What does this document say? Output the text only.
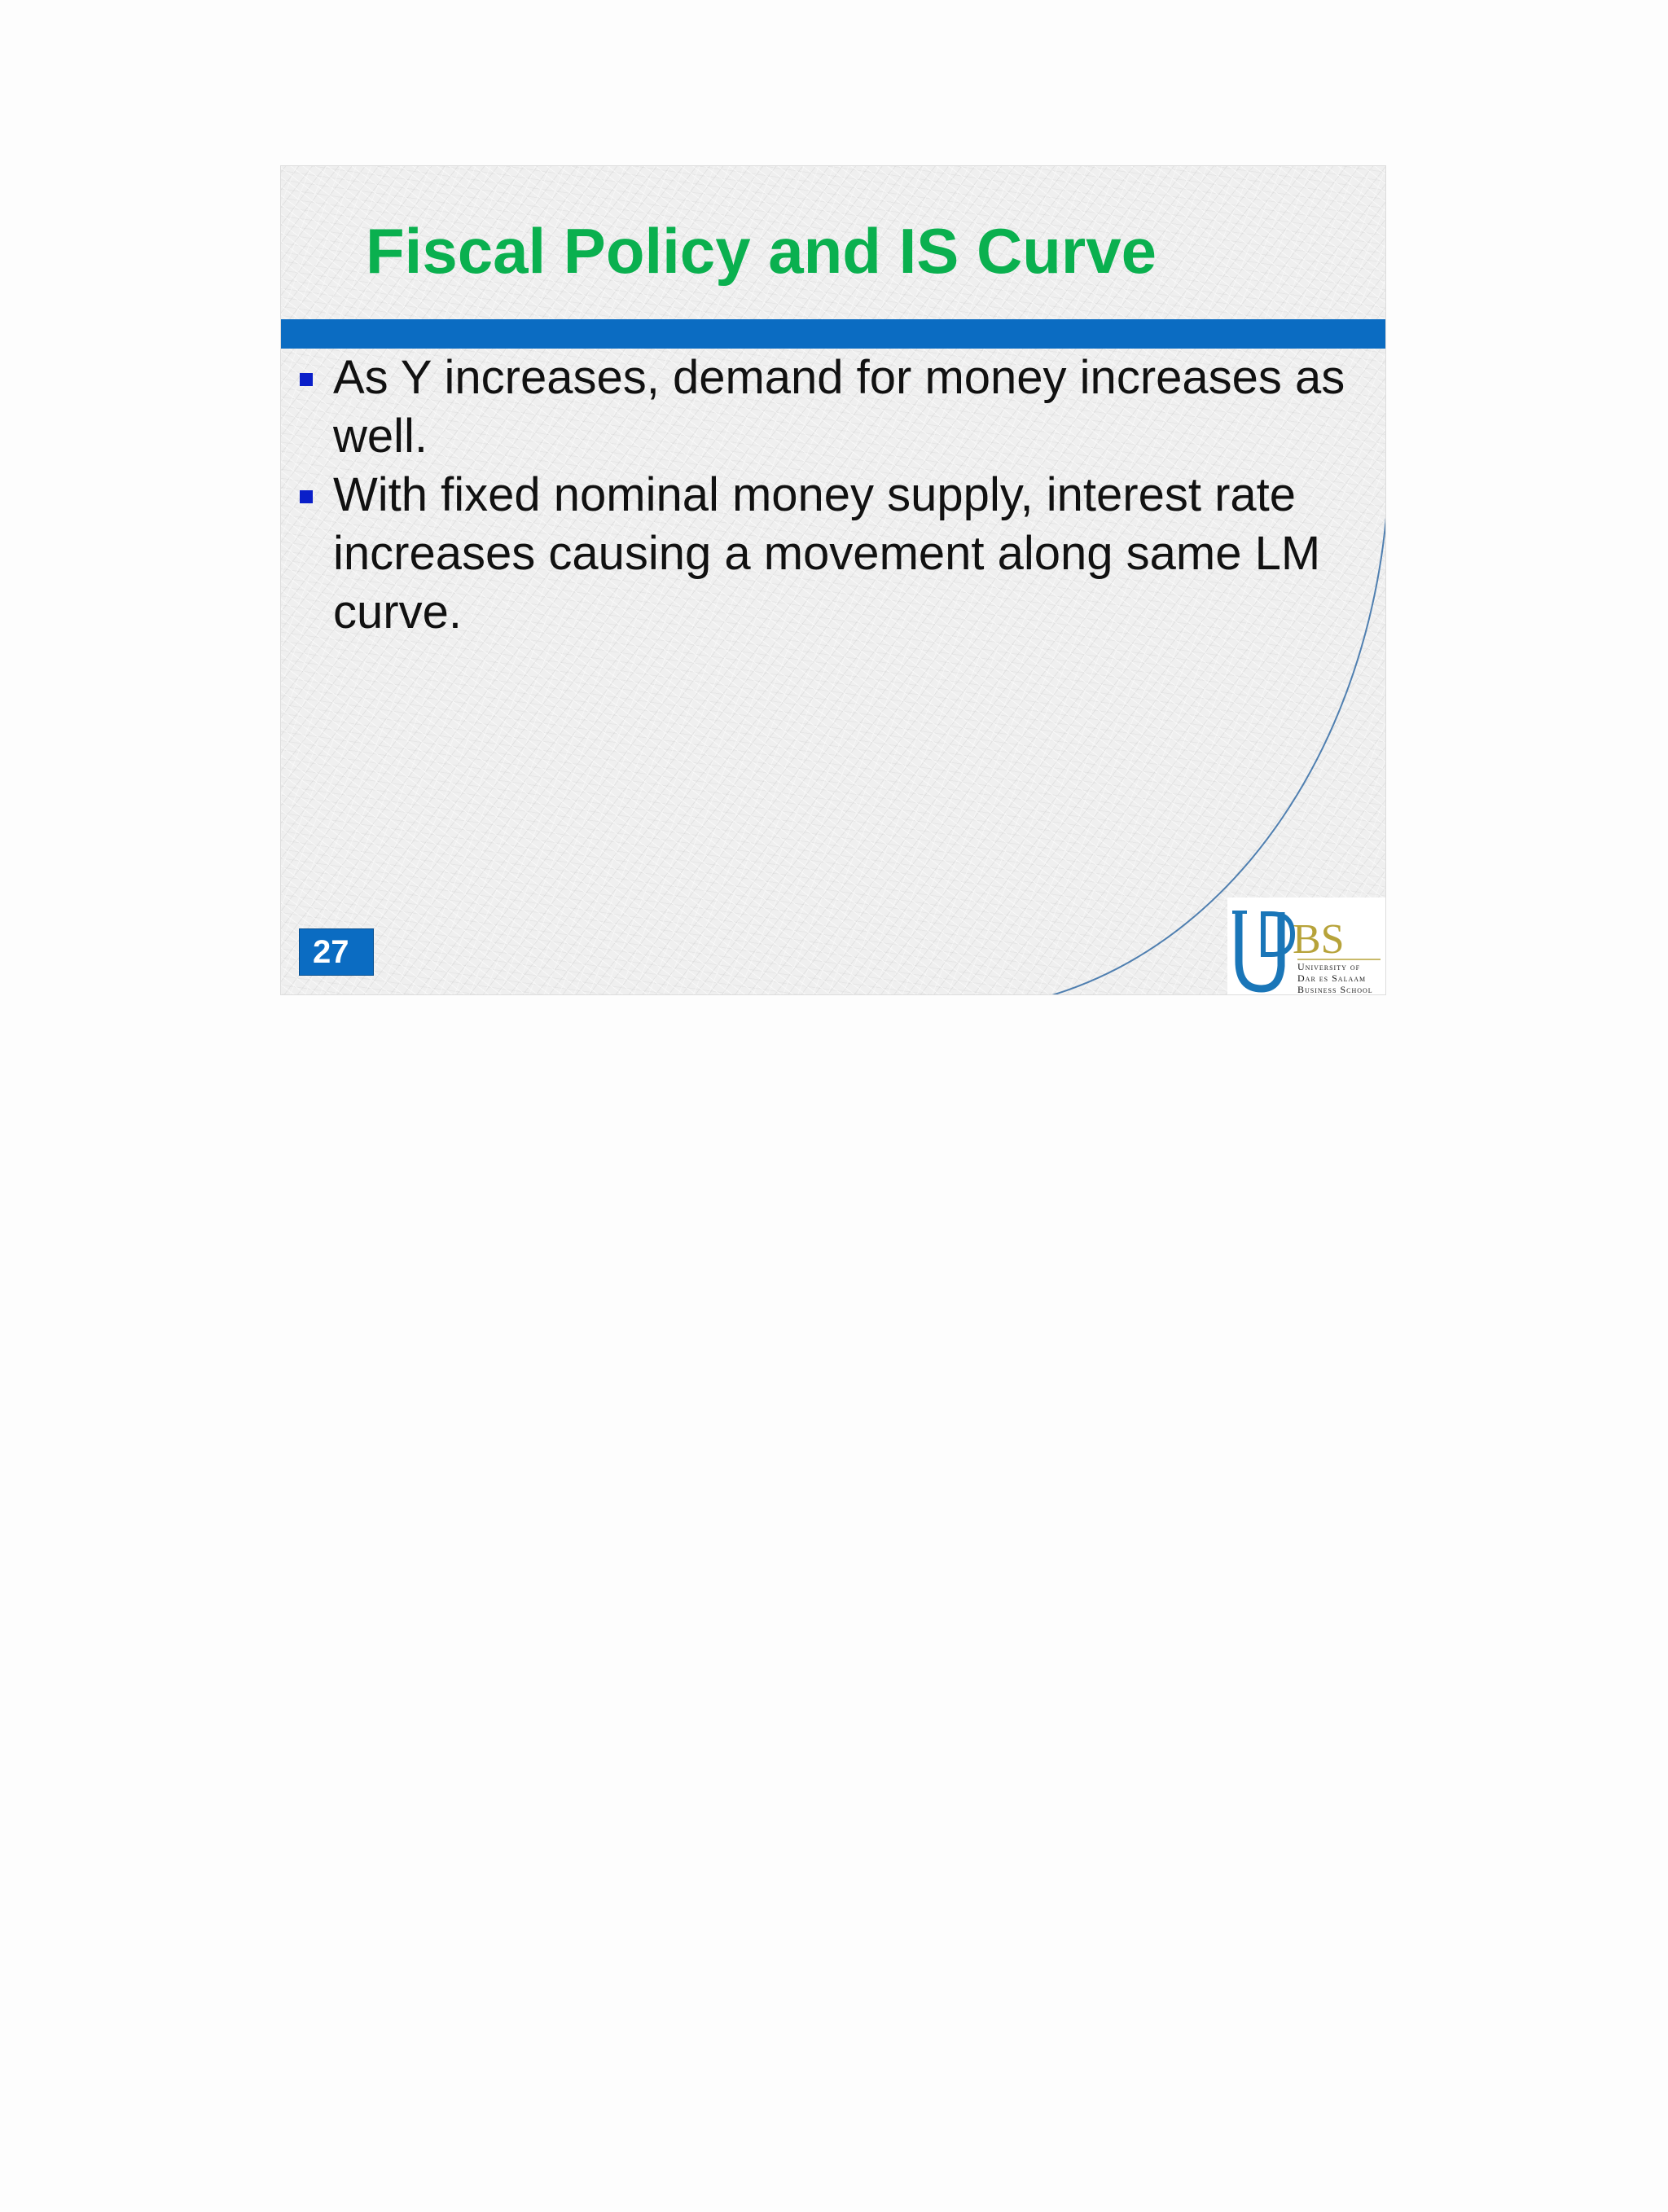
Fiscal Policy and IS Curve
As Y increases, demand for money increases as well.
With fixed nominal money supply, interest rate increases causing a movement along same LM curve.
27	BS
University of
Dar es Salaam
Business School
